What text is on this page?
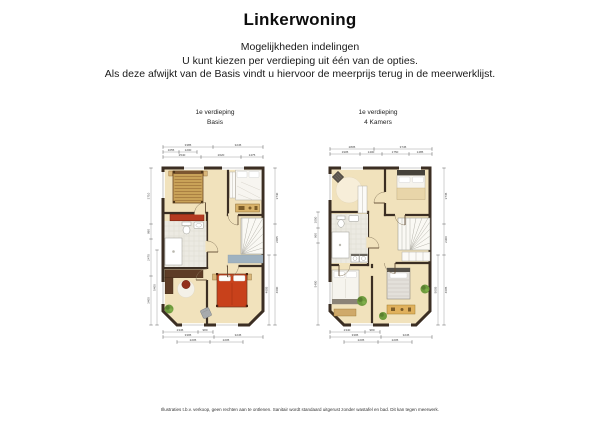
Linkerwoning
Mogelijkheden indelingen
U kunt kiezen per verdieping uit één van de opties.
Als deze afwijkt van de Basis vindt u hiervoor de meerprijs terug in de meerwerklijst.
1e verdieping
Basis
1e verdieping
4 Kamers
3385	3245
1055	1200
2540	2620	1475
3710
980
2470
3400
5400
3740
2065
4600
4605
2345	980
3395	3245
2205	2205
2805	3745
1905	1400	1750	1485
1050
960
5400
3745
2300
4605
5005
2340	980
3395	3245
2205	2205
Illustraties t.b.v. verkoop, geen rechten aan te ontlenen. Sanitair wordt standaard uitgerust zonder wastafel en bad. Dit kan tegen meerwerk.
